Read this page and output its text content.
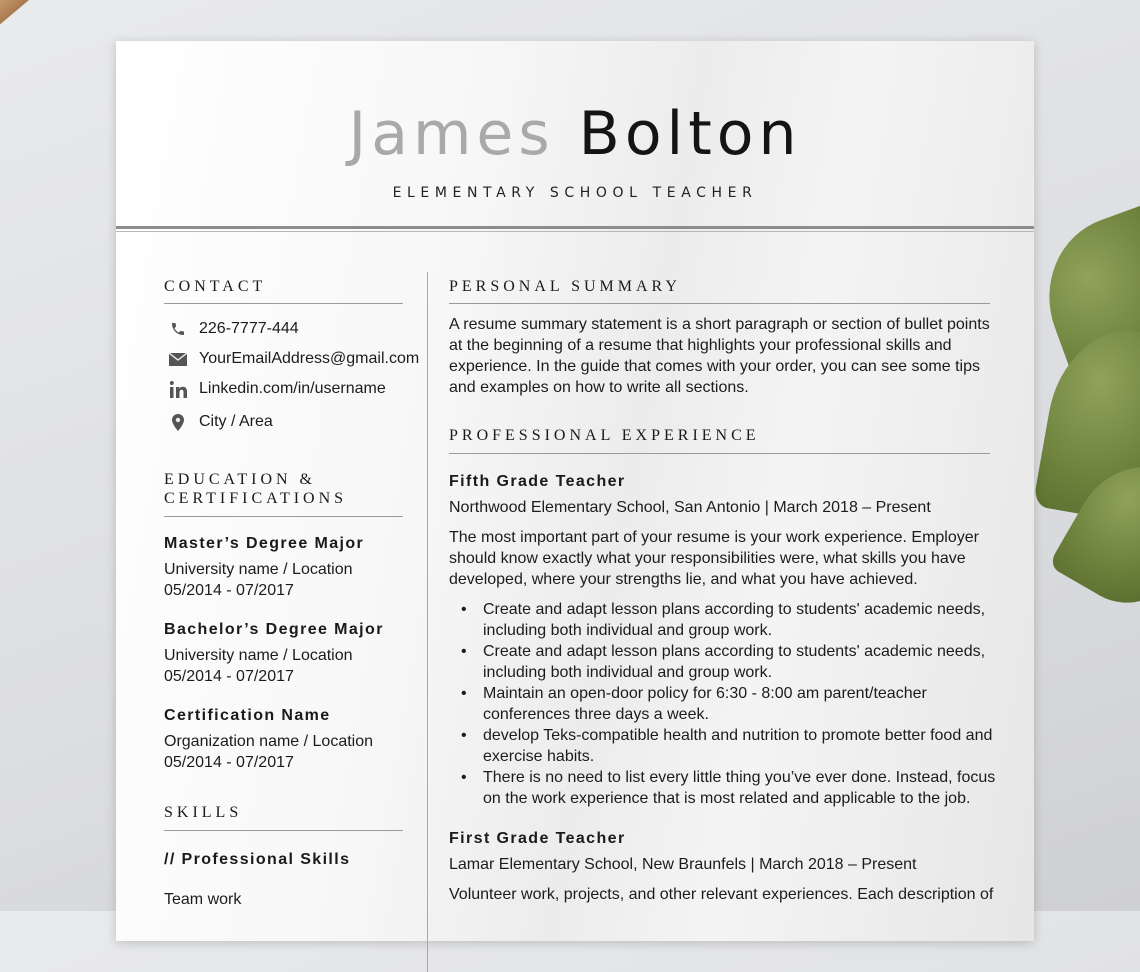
James Bolton
ELEMENTARY SCHOOL TEACHER
CONTACT
226-7777-444
YourEmailAddress@gmail.com
Linkedin.com/in/username
City / Area
EDUCATION &
CERTIFICATIONS
Master’s Degree Major
University name / Location
05/2014 - 07/2017
Bachelor’s Degree Major
University name / Location
05/2014 - 07/2017
Certification Name
Organization name / Location
05/2014 - 07/2017
SKILLS
// Professional Skills
Team work
PERSONAL SUMMARY

A resume summary statement is a short paragraph or section of bullet points at the beginning of a resume that highlights your professional skills and experience. In the guide that comes with your order, you can see some tips and examples on how to write all sections.

PROFESSIONAL EXPERIENCE
Fifth Grade Teacher
Northwood Elementary School, San Antonio | March 2018 – Present

The most important part of your resume is your work experience. Employer should know exactly what your responsibilities were, what skills you have developed, where your strengths lie, and what you have achieved.

• Create and adapt lesson plans according to students' academic needs, including both individual and group work.
• Create and adapt lesson plans according to students' academic needs, including both individual and group work.
• Maintain an open-door policy for 6:30 - 8:00 am parent/teacher conferences three days a week.
• develop Teks-compatible health and nutrition to promote better food and exercise habits.
• There is no need to list every little thing you’ve ever done. Instead, focus on the work experience that is most related and applicable to the job.
First Grade Teacher
Lamar Elementary School, New Braunfels | March 2018 – Present

Volunteer work, projects, and other relevant experiences. Each description of
